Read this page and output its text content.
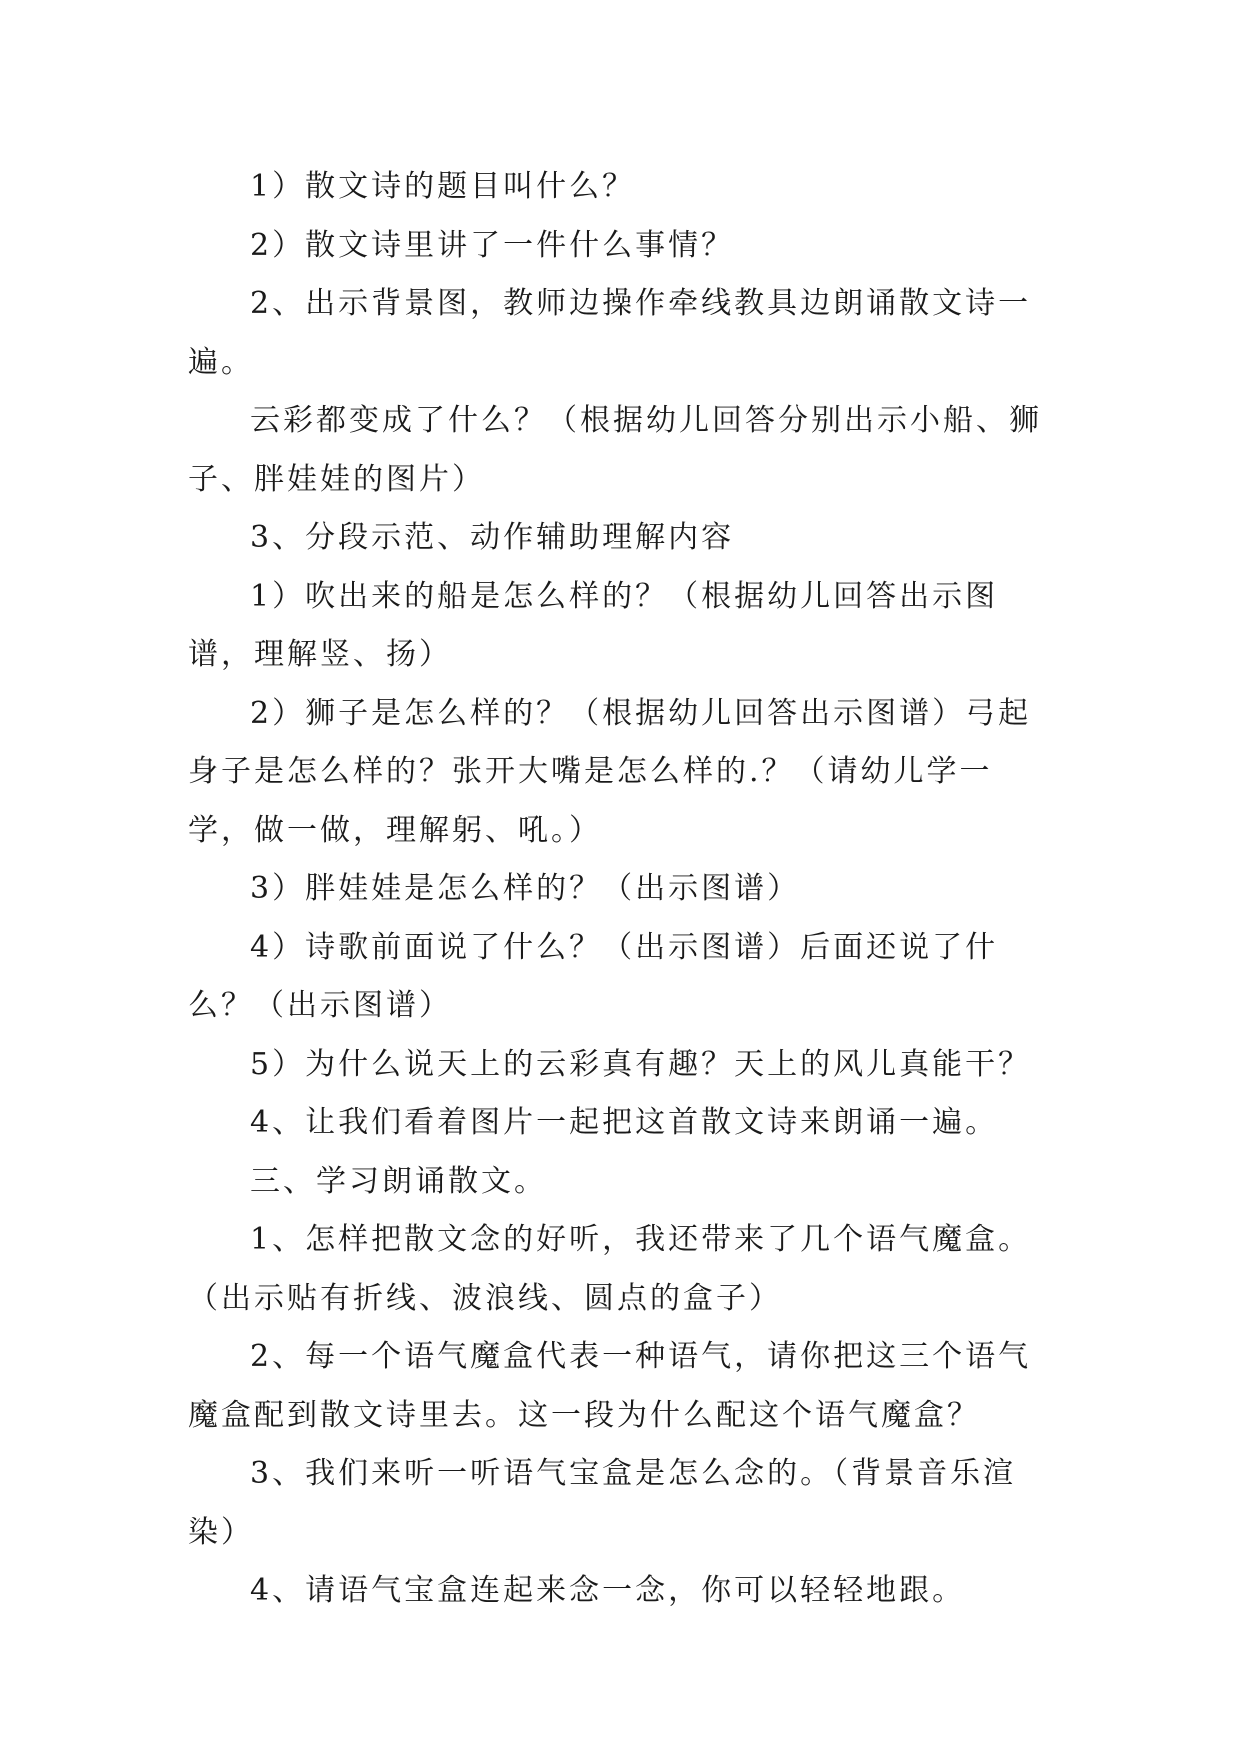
1）散文诗的题目叫什么？

2）散文诗里讲了一件什么事情？

2、出示背景图，教师边操作牵线教具边朗诵散文诗一遍。

云彩都变成了什么？（根据幼儿回答分别出示小船、狮子、胖娃娃的图片）

3、分段示范、动作辅助理解内容

1）吹出来的船是怎么样的？（根据幼儿回答出示图谱，理解竖、扬）

2）狮子是怎么样的？（根据幼儿回答出示图谱）弓起身子是怎么样的？张开大嘴是怎么样的.？（请幼儿学一学，做一做，理解躬、吼。）

3）胖娃娃是怎么样的？（出示图谱）

4）诗歌前面说了什么？（出示图谱）后面还说了什么？（出示图谱）

5）为什么说天上的云彩真有趣？天上的风儿真能干？

4、让我们看着图片一起把这首散文诗来朗诵一遍。

三、学习朗诵散文。

1、怎样把散文念的好听，我还带来了几个语气魔盒。（出示贴有折线、波浪线、圆点的盒子）

2、每一个语气魔盒代表一种语气，请你把这三个语气魔盒配到散文诗里去。这一段为什么配这个语气魔盒？

3、我们来听一听语气宝盒是怎么念的。（背景音乐渲染）

4、请语气宝盒连起来念一念，你可以轻轻地跟。
